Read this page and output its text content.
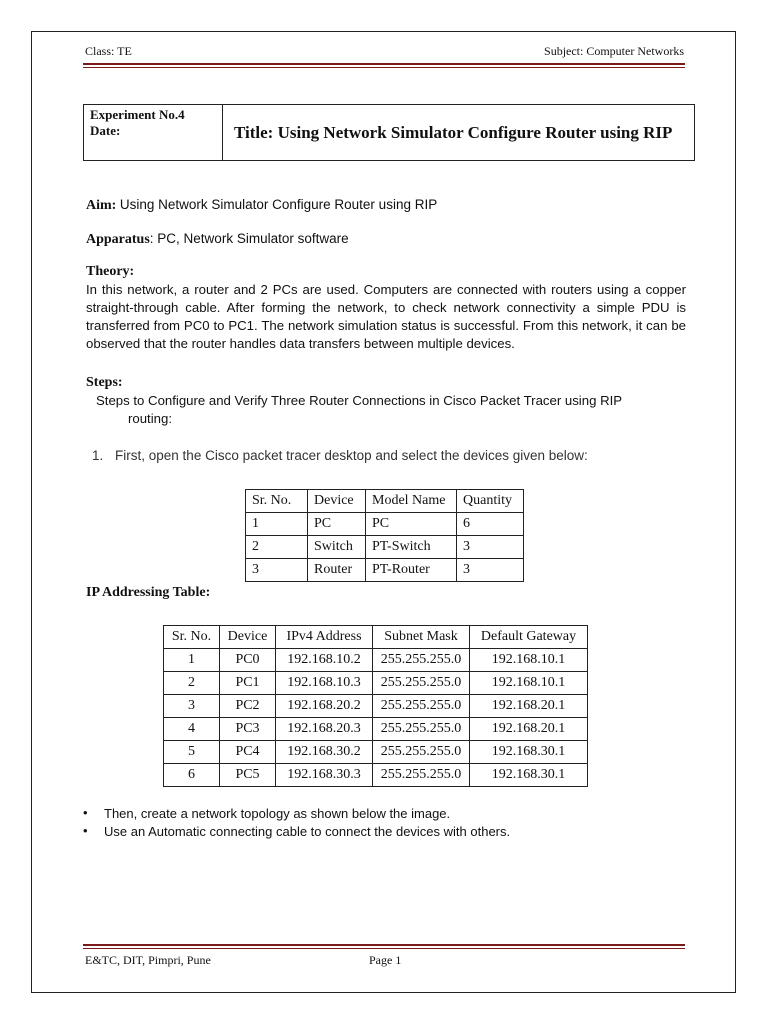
Class: TE	Subject: Computer Networks
Experiment No.4
Date:	Title: Using Network Simulator Configure Router using RIP
Aim: Using Network Simulator Configure Router using RIP
Apparatus: PC, Network Simulator software
Theory:
In this network, a router and 2 PCs are used. Computers are connected with routers using a copper straight-through cable. After forming the network, to check network connectivity a simple PDU is transferred from PC0 to PC1. The network simulation status is successful. From this network, it can be observed that the router handles data transfers between multiple devices.
Steps:
Steps to Configure and Verify Three Router Connections in Cisco Packet Tracer using RIP
routing:
1. First, open the Cisco packet tracer desktop and select the devices given below:
Sr. No.	Device	Model Name	Quantity
1	PC	PC	6
2	Switch	PT-Switch	3
3	Router	PT-Router	3
IP Addressing Table:
Sr. No.	Device	IPv4 Address	Subnet Mask	Default Gateway
1	PC0	192.168.10.2	255.255.255.0	192.168.10.1
2	PC1	192.168.10.3	255.255.255.0	192.168.10.1
3	PC2	192.168.20.2	255.255.255.0	192.168.20.1
4	PC3	192.168.20.3	255.255.255.0	192.168.20.1
5	PC4	192.168.30.2	255.255.255.0	192.168.30.1
6	PC5	192.168.30.3	255.255.255.0	192.168.30.1
• Then, create a network topology as shown below the image.
• Use an Automatic connecting cable to connect the devices with others.
E&TC, DIT, Pimpri, Pune	Page 1
